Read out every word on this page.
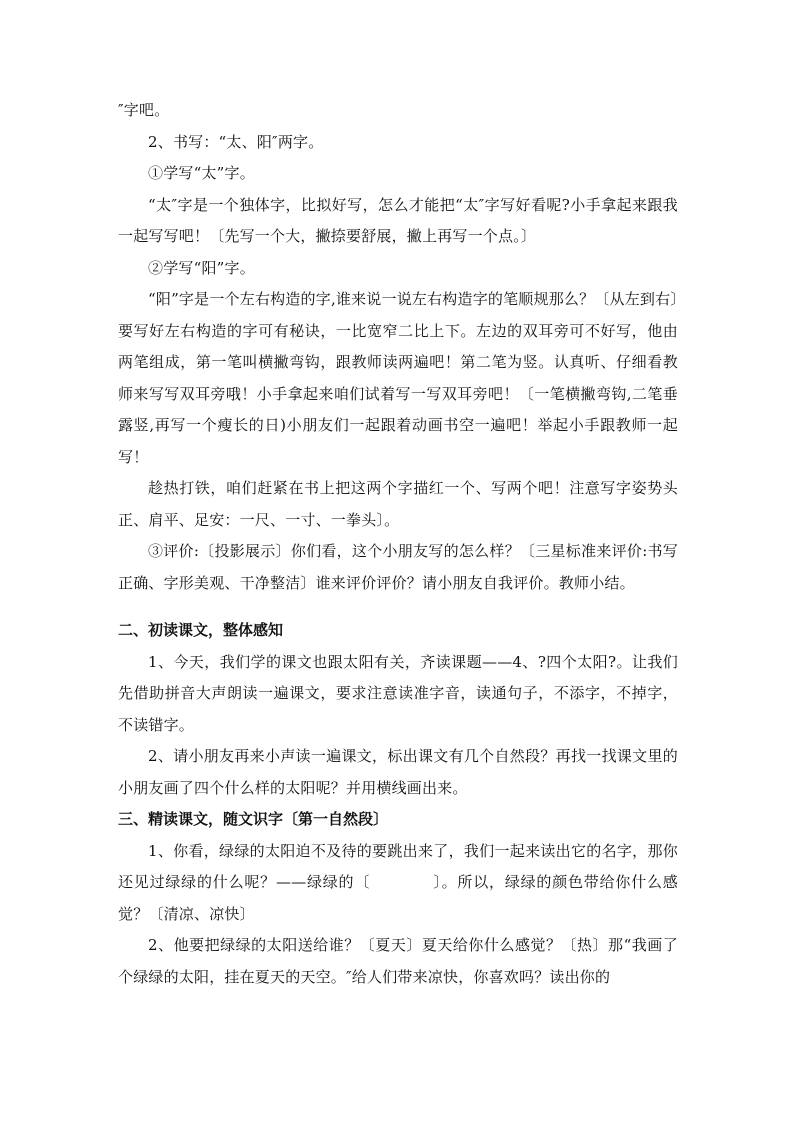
″字吧。

2、书写：“太、阳″两字。

①学写“太”字。

“太″字是一个独体字，比拟好写，怎么才能把“太″字写好看呢?小手拿起来跟我一起写写吧！〔先写一个大，撇捺要舒展，撇上再写一个点。〕

②学写“阳”字。

“阳”字是一个左右构造的字,谁来说一说左右构造字的笔顺规那么？〔从左到右〕要写好左右构造的字可有秘诀，一比宽窄二比上下。左边的双耳旁可不好写，他由两笔组成，第一笔叫横撇弯钩，跟教师读两遍吧！第二笔为竖。认真听、仔细看教师来写写双耳旁哦！小手拿起来咱们试着写一写双耳旁吧！〔一笔横撇弯钩,二笔垂露竖,再写一个瘦长的日)小朋友们一起跟着动画书空一遍吧！举起小手跟教师一起写！

趁热打铁，咱们赶紧在书上把这两个字描红一个、写两个吧！注意写字姿势头正、肩平、足安：一尺、一寸、一拳头〕。

③评价:〔投影展示〕你们看，这个小朋友写的怎么样？〔三星标准来评价:书写正确、字形美观、干净整洁〕谁来评价评价？请小朋友自我评价。教师小结。

二、初读课文，整体感知

1、今天，我们学的课文也跟太阳有关，齐读课题——4、?四个太阳?。让我们先借助拼音大声朗读一遍课文，要求注意读准字音，读通句子，不添字，不掉字，不读错字。

2、请小朋友再来小声读一遍课文，标出课文有几个自然段？再找一找课文里的小朋友画了四个什么样的太阳呢？并用横线画出来。

三、精读课文，随文识字〔第一自然段〕

1、你看，绿绿的太阳迫不及待的要跳出来了，我们一起来读出它的名字，那你还见过绿绿的什么呢？——绿绿的〔　　　　〕。所以，绿绿的颜色带给你什么感觉？〔清凉、凉快〕

2、他要把绿绿的太阳送给谁？〔夏天〕夏天给你什么感觉？〔热〕那“我画了个绿绿的太阳，挂在夏天的天空。″给人们带来凉快，你喜欢吗？读出你的
